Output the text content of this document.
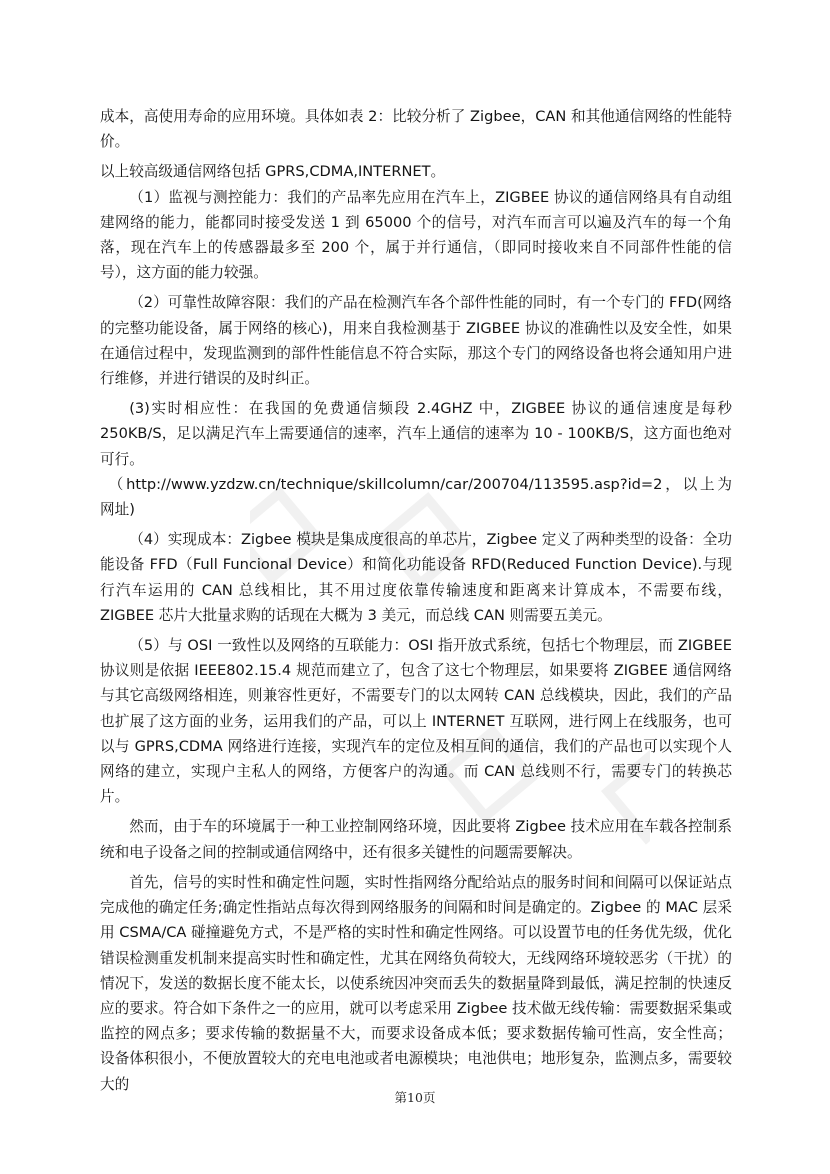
成本，高使用寿命的应用环境。具体如表 2：比较分析了 Zigbee，CAN 和其他通信网络的性能特价。

以上较高级通信网络包括 GPRS,CDMA,INTERNET。

（1）监视与测控能力：我们的产品率先应用在汽车上，ZIGBEE 协议的通信网络具有自动组建网络的能力，能都同时接受发送 1 到 65000 个的信号，对汽车而言可以遍及汽车的每一个角落，现在汽车上的传感器最多至 200 个，属于并行通信，（即同时接收来自不同部件性能的信号），这方面的能力较强。

（2）可靠性故障容限：我们的产品在检测汽车各个部件性能的同时，有一个专门的 FFD(网络的完整功能设备，属于网络的核心)，用来自我检测基于 ZIGBEE 协议的准确性以及安全性，如果在通信过程中，发现监测到的部件性能信息不符合实际，那这个专门的网络设备也将会通知用户进行维修，并进行错误的及时纠正。

(3)实时相应性：在我国的免费通信频段 2.4GHZ 中，ZIGBEE 协议的通信速度是每秒 250KB/S，足以满足汽车上需要通信的速率，汽车上通信的速率为 10 - 100KB/S，这方面也绝对可行。

（http://www.yzdzw.cn/technique/skillcolumn/car/200704/113595.asp?id=2，以上为网址)

（4）实现成本：Zigbee 模块是集成度很高的单芯片，Zigbee 定义了两种类型的设备：全功能设备 FFD（Full Funcional Device）和简化功能设备 RFD(Reduced Function Device).与现行汽车运用的 CAN 总线相比，其不用过度依靠传输速度和距离来计算成本，不需要布线，ZIGBEE 芯片大批量求购的话现在大概为 3 美元，而总线 CAN 则需要五美元。

（5）与 OSI 一致性以及网络的互联能力：OSI 指开放式系统，包括七个物理层，而 ZIGBEE 协议则是依据 IEEE802.15.4 规范而建立了，包含了这七个物理层，如果要将 ZIGBEE 通信网络与其它高级网络相连，则兼容性更好，不需要专门的以太网转 CAN 总线模块，因此，我们的产品也扩展了这方面的业务，运用我们的产品，可以上 INTERNET 互联网，进行网上在线服务，也可以与 GPRS,CDMA 网络进行连接，实现汽车的定位及相互间的通信，我们的产品也可以实现个人网络的建立，实现户主私人的网络，方便客户的沟通。而 CAN 总线则不行，需要专门的转换芯片。

然而，由于车的环境属于一种工业控制网络环境，因此要将 Zigbee 技术应用在车载各控制系统和电子设备之间的控制或通信网络中，还有很多关键性的问题需要解决。

首先，信号的实时性和确定性问题，实时性指网络分配给站点的服务时间和间隔可以保证站点完成他的确定任务;确定性指站点每次得到网络服务的间隔和时间是确定的。Zigbee 的 MAC 层采用 CSMA/CA 碰撞避免方式，不是严格的实时性和确定性网络。可以设置节电的任务优先级，优化错误检测重发机制来提高实时性和确定性，尤其在网络负荷较大，无线网络环境较恶劣（干扰）的情况下，发送的数据长度不能太长，以使系统因冲突而丢失的数据量降到最低，满足控制的快速反应的要求。符合如下条件之一的应用，就可以考虑采用 Zigbee 技术做无线传输：需要数据采集或监控的网点多；要求传输的数据量不大，而要求设备成本低；要求数据传输可性高，安全性高； 设备体积很小，不便放置较大的充电电池或者电源模块；电池供电；地形复杂，监测点多，需要较大的

第10页
